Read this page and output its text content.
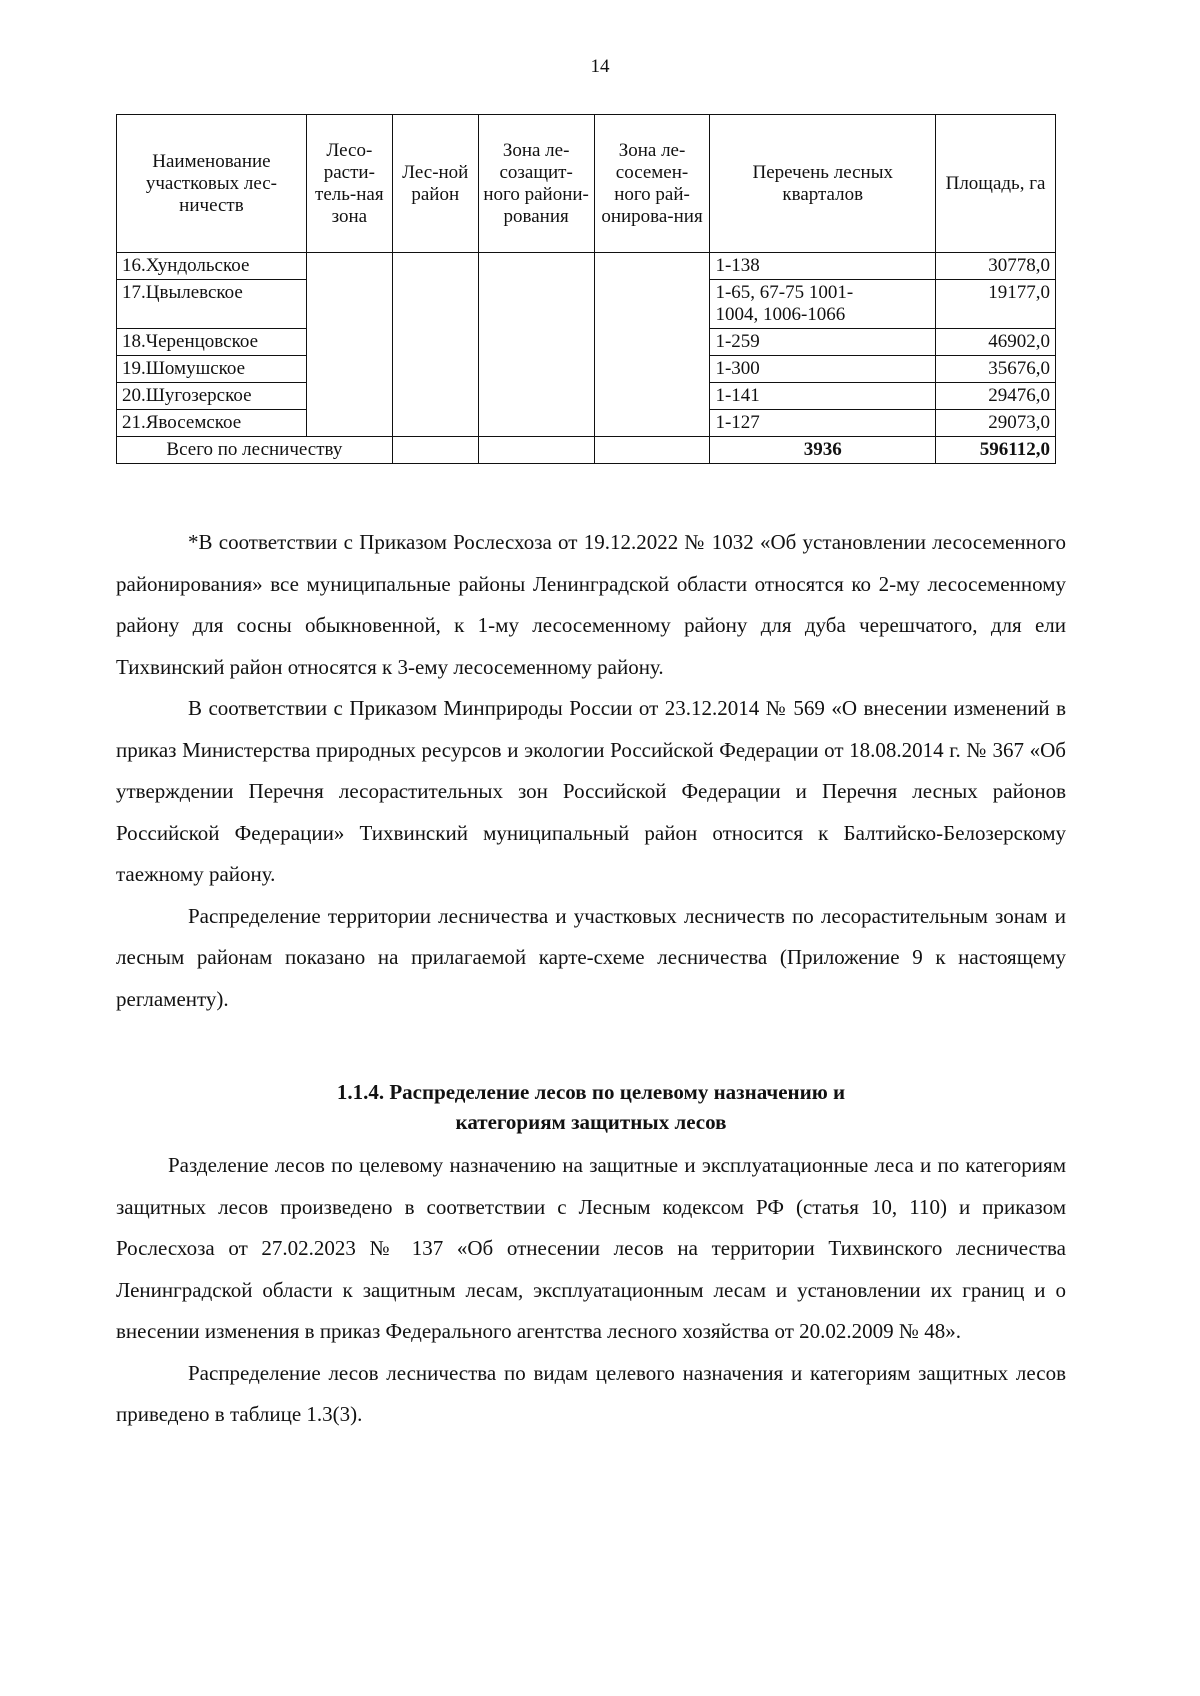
14
Наименование участковых лес-ничеств	Лесо-расти-тель-ная зона	Лес-ной район	Зона ле-созащит-ного райони-рования	Зона ле-сосемен-ного рай-онирова-ния	Перечень лесных кварталов	Площадь, га
16.Хундольское					1-138	30778,0
17.Цвылевское					1-65, 67-75 1001-1004, 1006-1066	19177,0
18.Черенцовское					1-259	46902,0
19.Шомушское					1-300	35676,0
20.Шугозерское					1-141	29476,0
21.Явосемское					1-127	29073,0
Всего по лесничеству					3936	596112,0

*В соответствии с Приказом Рослесхоза от 19.12.2022 № 1032 «Об установлении лесосеменного районирования» все муниципальные районы Ленинградской области относятся ко 2-му лесосеменному району для сосны обыкновенной, к 1-му лесосеменному району для дуба черешчатого, для ели Тихвинский район относятся к 3-ему лесосеменному району.

В соответствии с Приказом Минприроды России от 23.12.2014 № 569 «О внесении изменений в приказ Министерства природных ресурсов и экологии Российской Федерации от 18.08.2014 г. № 367 «Об утверждении Перечня лесорастительных зон Российской Федерации и Перечня лесных районов Российской Федерации» Тихвинский муниципальный район относится к Балтийско-Белозерскому таежному району.

Распределение территории лесничества и участковых лесничеств по лесорастительным зонам и лесным районам показано на прилагаемой карте-схеме лесничества (Приложение 9 к настоящему регламенту).

1.1.4. Распределение лесов по целевому назначению и
категориям защитных лесов

Разделение лесов по целевому назначению на защитные и эксплуатационные леса и по категориям защитных лесов произведено в соответствии с Лесным кодексом РФ (статья 10, 110) и приказом Рослесхоза от 27.02.2023 № 137 «Об отнесении лесов на территории Тихвинского лесничества Ленинградской области к защитным лесам, эксплуатационным лесам и установлении их границ и о внесении изменения в приказ Федерального агентства лесного хозяйства от 20.02.2009 № 48».

Распределение лесов лесничества по видам целевого назначения и категориям защитных лесов приведено в таблице 1.3(3).
